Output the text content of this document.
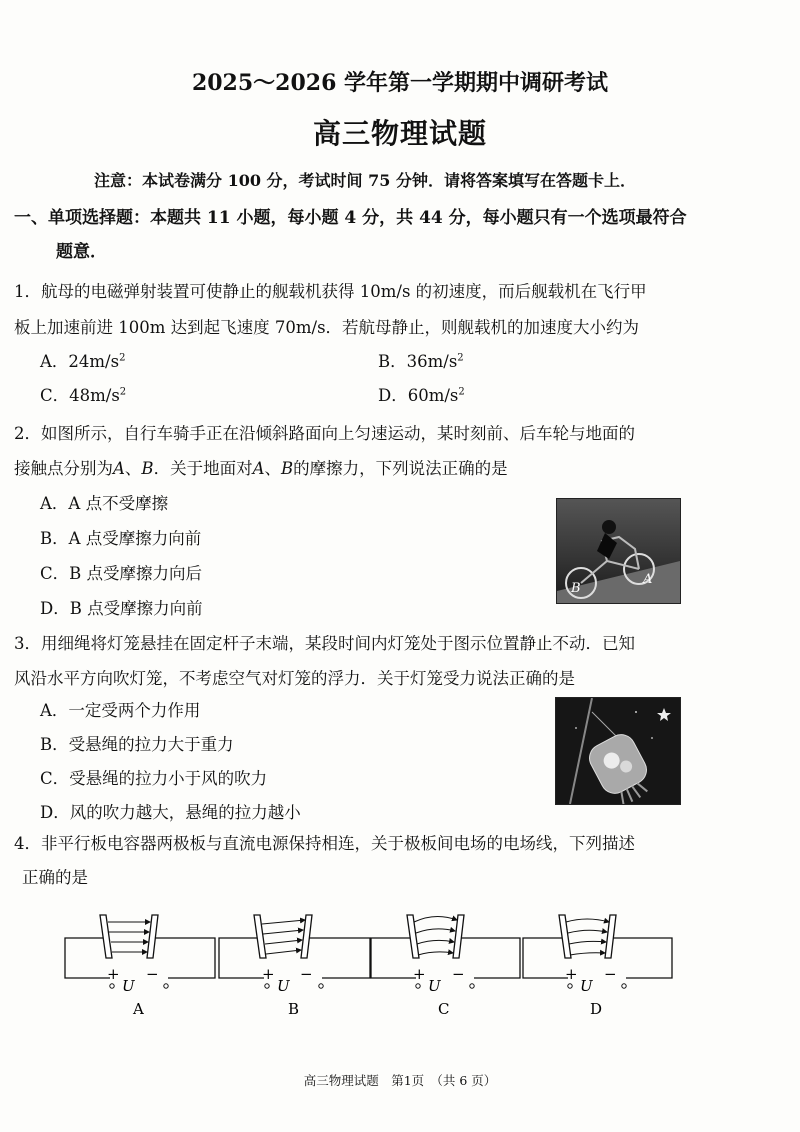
2025～2026 学年第一学期期中调研考试
高三物理试题
注意：本试卷满分 100 分，考试时间 75 分钟．请将答案填写在答题卡上．
一、单项选择题：本题共 11 小题，每小题 4 分，共 44 分，每小题只有一个选项最符合
题意．
1．航母的电磁弹射装置可使静止的舰载机获得 10m/s 的初速度，而后舰载机在飞行甲
板上加速前进 100m 达到起飞速度 70m/s．若航母静止，则舰载机的加速度大小约为
A．$24m/s^2$	B．$36m/s^2$
C．$48m/s^2$	D．$60m/s^2$
2．如图所示，自行车骑手正在沿倾斜路面向上匀速运动，某时刻前、后车轮与地面的
接触点分别为A、B．关于地面对A、B的摩擦力，下列说法正确的是
A．A 点不受摩擦
B．A 点受摩擦力向前
C．B 点受摩擦力向后
D．B 点受摩擦力向前
B
A
3．用细绳将灯笼悬挂在固定杆子末端，某段时间内灯笼处于图示位置静止不动．已知
风沿水平方向吹灯笼，不考虑空气对灯笼的浮力．关于灯笼受力说法正确的是
A．一定受两个力作用
B．受悬绳的拉力大于重力
C．受悬绳的拉力小于风的吹力
D．风的吹力越大，悬绳的拉力越小
4．非平行板电容器两极板与直流电源保持相连，关于极板间电场的电场线，下列描述
正确的是
+ −
U
A
+ −
U
B
+ −
U
C
+ −
U
D
高三物理试题　第1页　（共 6 页）
